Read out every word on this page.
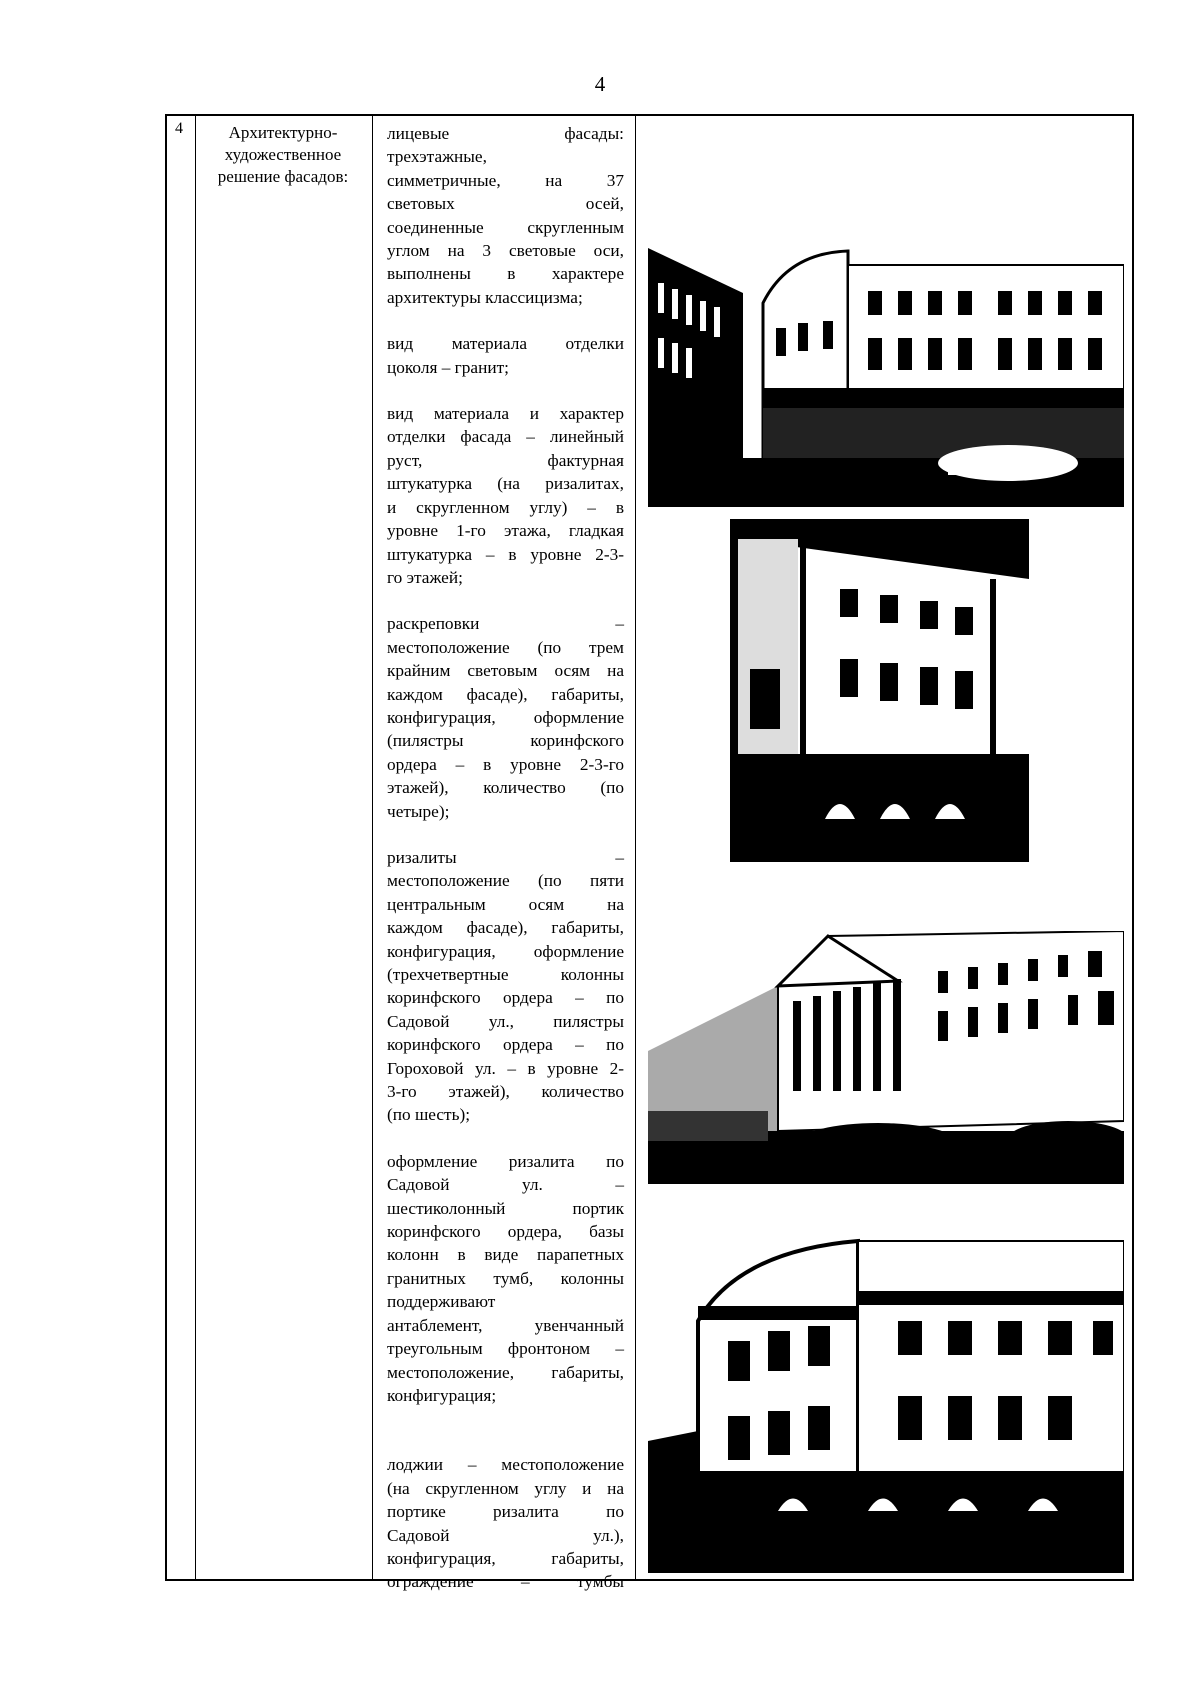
4
4	Архитектурно-художественное решение фасадов:
лицевые фасады:
трехэтажные,
симметричные, на 37
световых осей,
соединенные скругленным
углом на 3 световые оси,
выполнены в характере
архитектуры классицизма;
вид материала отделки
цоколя – гранит;
вид материала и характер
отделки фасада – линейный
руст, фактурная
штукатурка (на ризалитах,
и скругленном углу) – в
уровне 1-го этажа, гладкая
штукатурка – в уровне 2-3-
го этажей;
раскреповки –
местоположение (по трем
крайним световым осям на
каждом фасаде), габариты,
конфигурация, оформление
(пилястры коринфского
ордера – в уровне 2-3-го
этажей), количество (по
четыре);
ризалиты –
местоположение (по пяти
центральным осям на
каждом фасаде), габариты,
конфигурация, оформление
(трехчетвертные колонны
коринфского ордера – по
Садовой ул., пилястры
коринфского ордера – по
Гороховой ул. – в уровне 2-
3-го этажей), количество
(по шесть);
оформление ризалита по
Садовой ул. –
шестиколонный портик
коринфского ордера, базы
колонн в виде парапетных
гранитных тумб, колонны
поддерживают
антаблемент, увенчанный
треугольным фронтоном –
местоположение, габариты,
конфигурация;
лоджии – местоположение
(на скругленном углу и на
портике ризалита по
Садовой ул.),
конфигурация, габариты,
ограждение – тумбы
